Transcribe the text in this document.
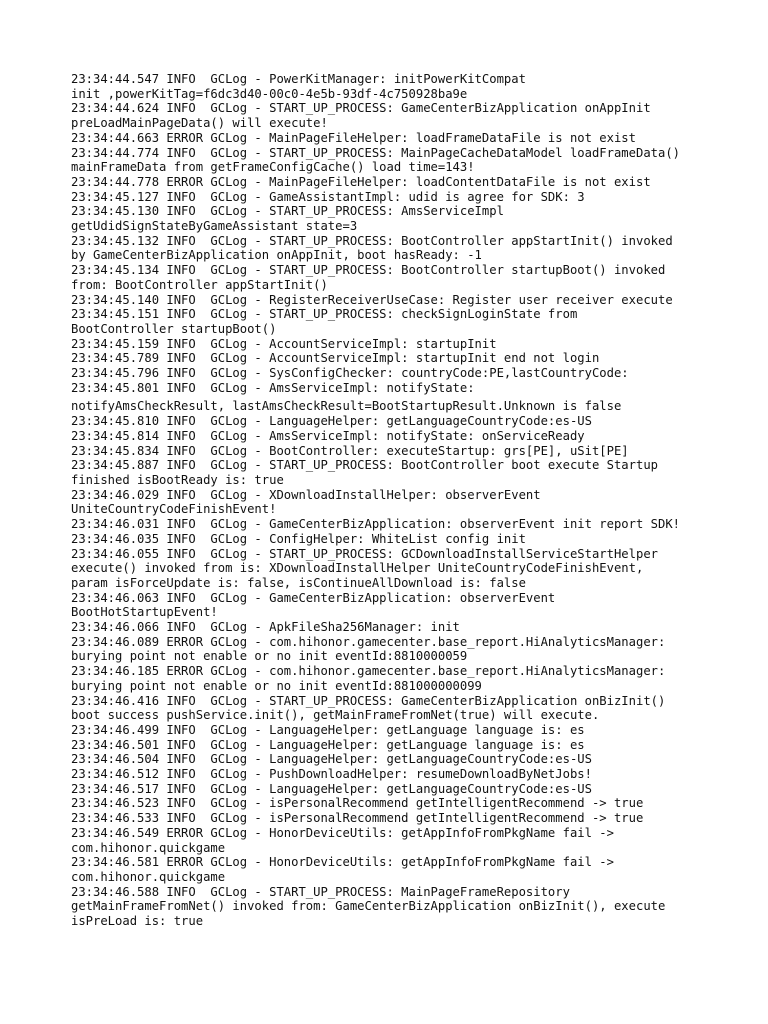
23:34:44.547 INFO  GCLog - PowerKitManager: initPowerKitCompat
init ,powerKitTag=f6dc3d40-00c0-4e5b-93df-4c750928ba9e
23:34:44.624 INFO  GCLog - START_UP_PROCESS: GameCenterBizApplication onAppInit
preLoadMainPageData() will execute!
23:34:44.663 ERROR GCLog - MainPageFileHelper: loadFrameDataFile is not exist
23:34:44.774 INFO  GCLog - START_UP_PROCESS: MainPageCacheDataModel loadFrameData()
mainFrameData from getFrameConfigCache() load time=143!
23:34:44.778 ERROR GCLog - MainPageFileHelper: loadContentDataFile is not exist
23:34:45.127 INFO  GCLog - GameAssistantImpl: udid is agree for SDK: 3
23:34:45.130 INFO  GCLog - START_UP_PROCESS: AmsServiceImpl
getUdidSignStateByGameAssistant state=3
23:34:45.132 INFO  GCLog - START_UP_PROCESS: BootController appStartInit() invoked
by GameCenterBizApplication onAppInit, boot hasReady: -1
23:34:45.134 INFO  GCLog - START_UP_PROCESS: BootController startupBoot() invoked
from: BootController appStartInit()
23:34:45.140 INFO  GCLog - RegisterReceiverUseCase: Register user receiver execute
23:34:45.151 INFO  GCLog - START_UP_PROCESS: checkSignLoginState from
BootController startupBoot()
23:34:45.159 INFO  GCLog - AccountServiceImpl: startupInit
23:34:45.789 INFO  GCLog - AccountServiceImpl: startupInit end not login
23:34:45.796 INFO  GCLog - SysConfigChecker: countryCode:PE,lastCountryCode:
23:34:45.801 INFO  GCLog - AmsServiceImpl: notifyState:
notifyAmsCheckResult, lastAmsCheckResult=BootStartupResult.Unknown is false
23:34:45.810 INFO  GCLog - LanguageHelper: getLanguageCountryCode:es-US
23:34:45.814 INFO  GCLog - AmsServiceImpl: notifyState: onServiceReady
23:34:45.834 INFO  GCLog - BootController: executeStartup: grs[PE], uSit[PE]
23:34:45.887 INFO  GCLog - START_UP_PROCESS: BootController boot execute Startup
finished isBootReady is: true
23:34:46.029 INFO  GCLog - XDownloadInstallHelper: observerEvent
UniteCountryCodeFinishEvent!
23:34:46.031 INFO  GCLog - GameCenterBizApplication: observerEvent init report SDK!
23:34:46.035 INFO  GCLog - ConfigHelper: WhiteList config init
23:34:46.055 INFO  GCLog - START_UP_PROCESS: GCDownloadInstallServiceStartHelper
execute() invoked from is: XDownloadInstallHelper UniteCountryCodeFinishEvent,
param isForceUpdate is: false, isContinueAllDownload is: false
23:34:46.063 INFO  GCLog - GameCenterBizApplication: observerEvent
BootHotStartupEvent!
23:34:46.066 INFO  GCLog - ApkFileSha256Manager: init
23:34:46.089 ERROR GCLog - com.hihonor.gamecenter.base_report.HiAnalyticsManager:
burying point not enable or no init eventId:8810000059
23:34:46.185 ERROR GCLog - com.hihonor.gamecenter.base_report.HiAnalyticsManager:
burying point not enable or no init eventId:881000000099
23:34:46.416 INFO  GCLog - START_UP_PROCESS: GameCenterBizApplication onBizInit()
boot success pushService.init(), getMainFrameFromNet(true) will execute.
23:34:46.499 INFO  GCLog - LanguageHelper: getLanguage language is: es
23:34:46.501 INFO  GCLog - LanguageHelper: getLanguage language is: es
23:34:46.504 INFO  GCLog - LanguageHelper: getLanguageCountryCode:es-US
23:34:46.512 INFO  GCLog - PushDownloadHelper: resumeDownloadByNetJobs!
23:34:46.517 INFO  GCLog - LanguageHelper: getLanguageCountryCode:es-US
23:34:46.523 INFO  GCLog - isPersonalRecommend getIntelligentRecommend -> true
23:34:46.533 INFO  GCLog - isPersonalRecommend getIntelligentRecommend -> true
23:34:46.549 ERROR GCLog - HonorDeviceUtils: getAppInfoFromPkgName fail ->
com.hihonor.quickgame
23:34:46.581 ERROR GCLog - HonorDeviceUtils: getAppInfoFromPkgName fail ->
com.hihonor.quickgame
23:34:46.588 INFO  GCLog - START_UP_PROCESS: MainPageFrameRepository
getMainFrameFromNet() invoked from: GameCenterBizApplication onBizInit(), execute
isPreLoad is: true
